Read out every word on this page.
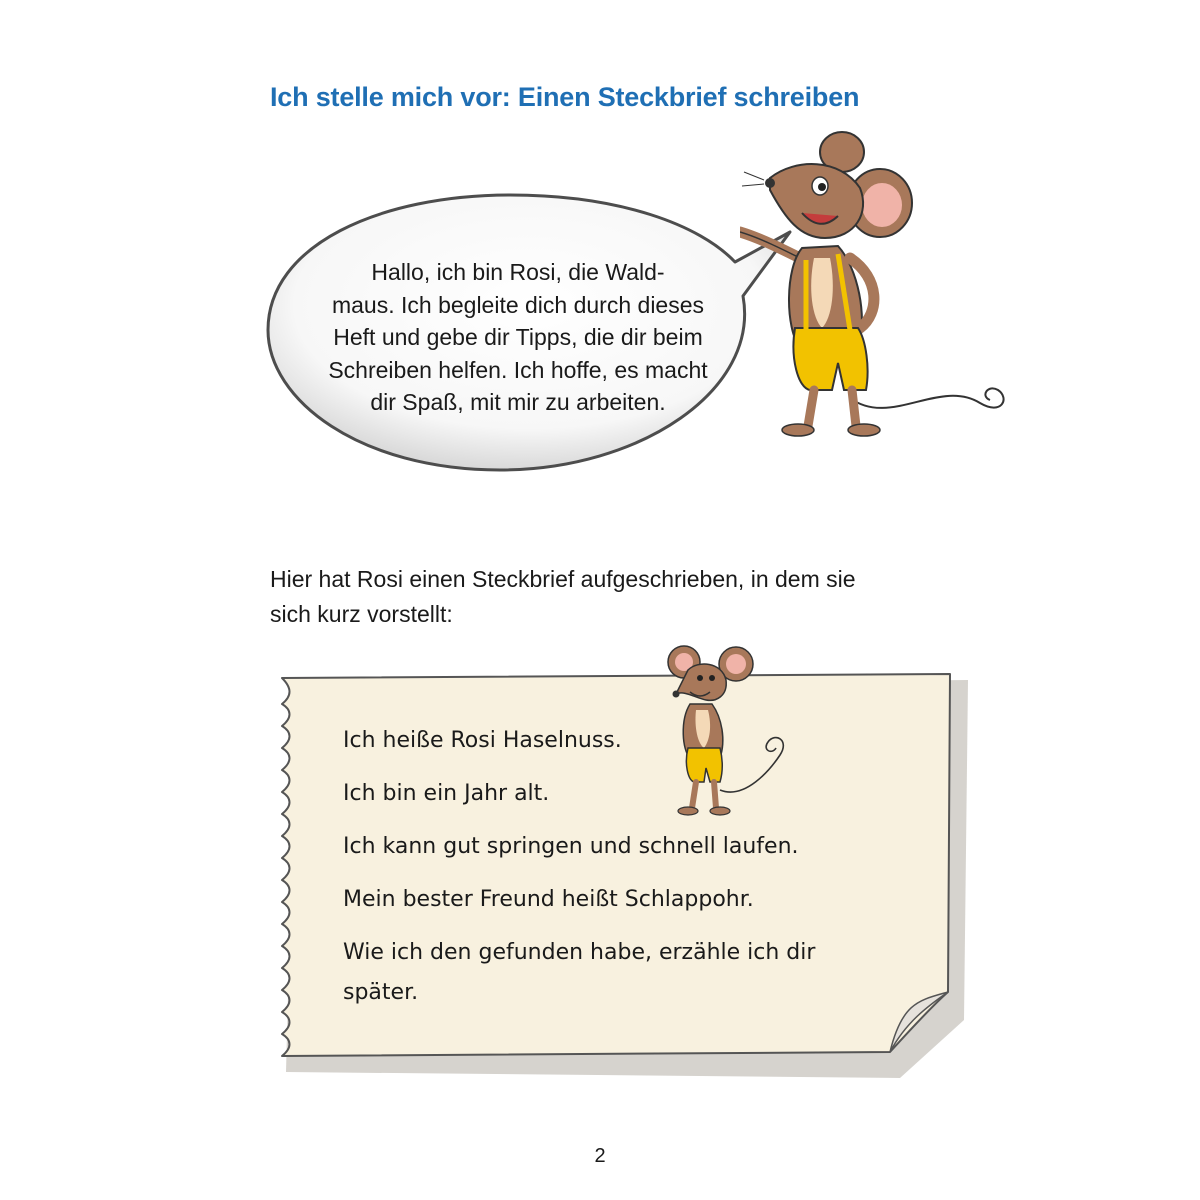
Ich stelle mich vor: Einen Steckbrief schreiben
Hallo, ich bin Rosi, die Wald-
maus. Ich begleite dich durch dieses
Heft und gebe dir Tipps, die dir beim
Schreiben helfen. Ich hoffe, es macht
dir Spaß, mit mir zu arbeiten.
Hier hat Rosi einen Steckbrief aufgeschrieben, in dem sie
sich kurz vorstellt:
Ich heiße Rosi Haselnuss.
Ich bin ein Jahr alt.
Ich kann gut springen und schnell laufen.
Mein bester Freund heißt Schlappohr.
Wie ich den gefunden habe, erzähle ich dir
später.
2
